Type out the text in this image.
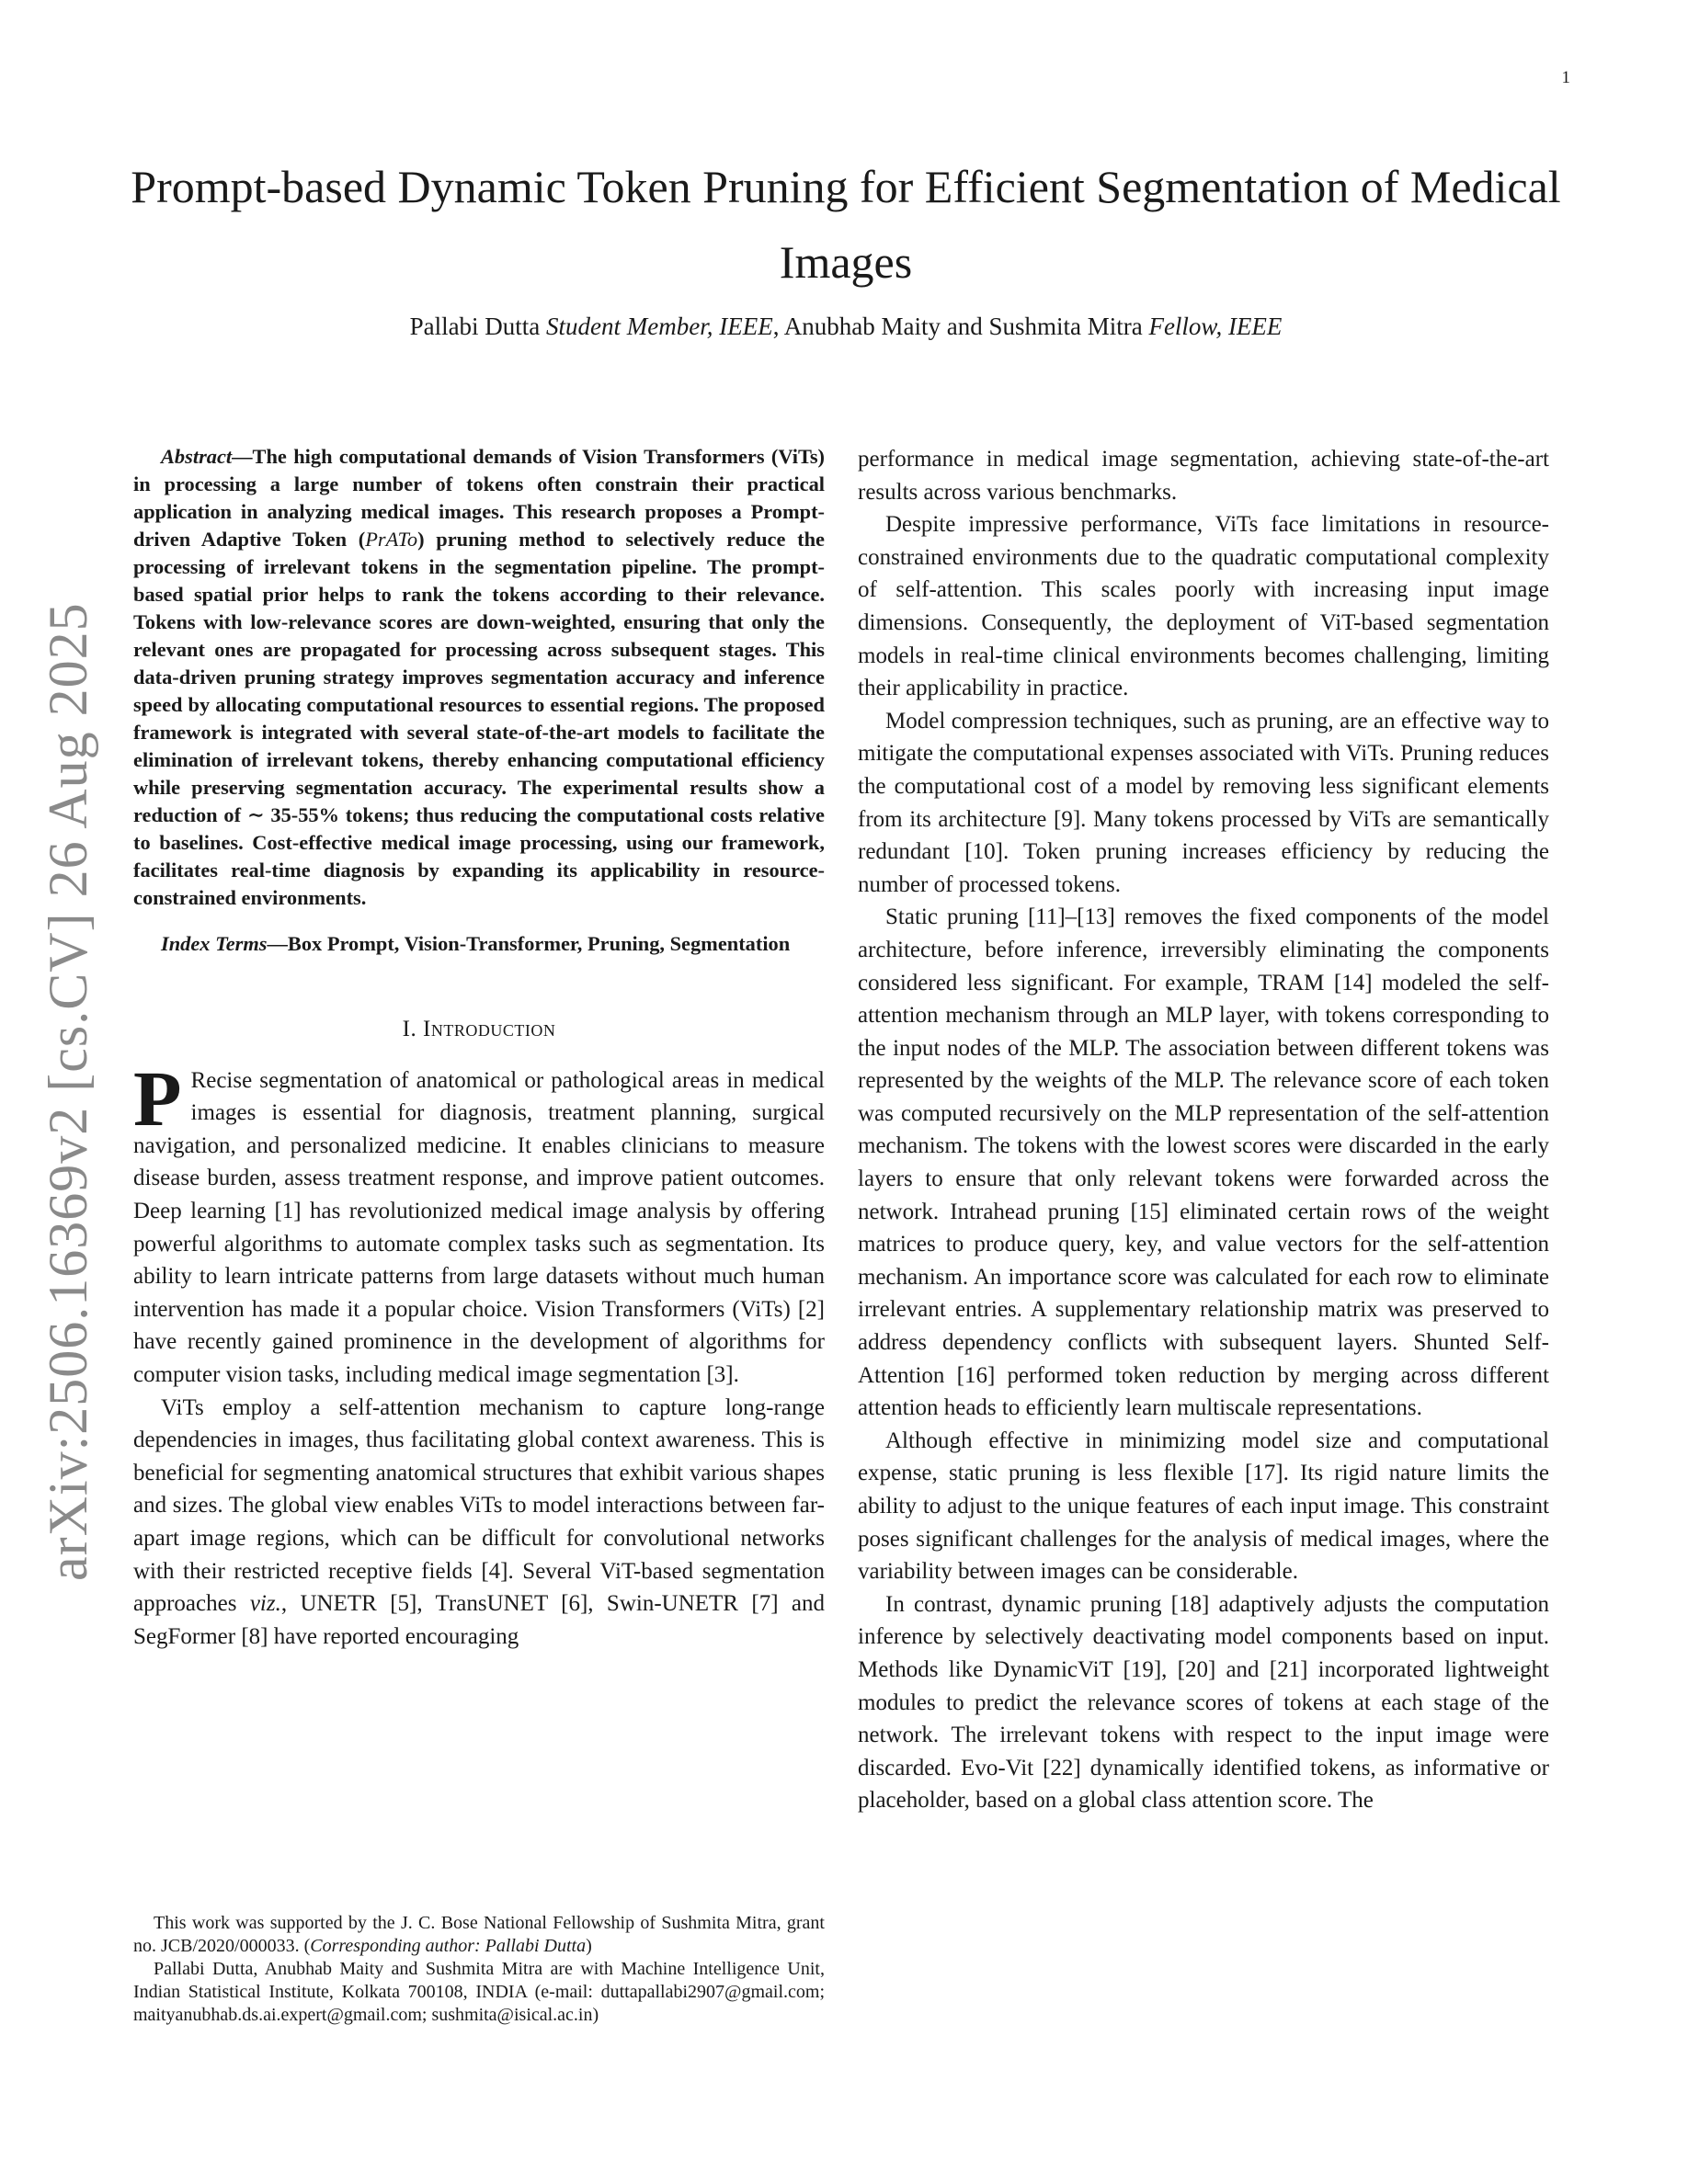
1
Prompt-based Dynamic Token Pruning for Efficient Segmentation of Medical Images
Pallabi Dutta Student Member, IEEE, Anubhab Maity and Sushmita Mitra Fellow, IEEE
arXiv:2506.16369v2 [cs.CV] 26 Aug 2025

Abstract—The high computational demands of Vision Transformers (ViTs) in processing a large number of tokens often constrain their practical application in analyzing medical images. This research proposes a Prompt-driven Adaptive Token (PrATo) pruning method to selectively reduce the processing of irrelevant tokens in the segmentation pipeline. The prompt-based spatial prior helps to rank the tokens according to their relevance. Tokens with low-relevance scores are down-weighted, ensuring that only the relevant ones are propagated for processing across subsequent stages. This data-driven pruning strategy improves segmentation accuracy and inference speed by allocating computational resources to essential regions. The proposed framework is integrated with several state-of-the-art models to facilitate the elimination of irrelevant tokens, thereby enhancing computational efficiency while preserving segmentation accuracy. The experimental results show a reduction of ∼ 35-55% tokens; thus reducing the computational costs relative to baselines. Cost-effective medical image processing, using our framework, facilitates real-time diagnosis by expanding its applicability in resource-constrained environments.

Index Terms—Box Prompt, Vision-Transformer, Pruning, Segmentation

I. Introduction

P Recise segmentation of anatomical or pathological areas in medical images is essential for diagnosis, treatment planning, surgical navigation, and personalized medicine. It enables clinicians to measure disease burden, assess treatment response, and improve patient outcomes. Deep learning [1] has revolutionized medical image analysis by offering powerful algorithms to automate complex tasks such as segmentation. Its ability to learn intricate patterns from large datasets without much human intervention has made it a popular choice. Vision Transformers (ViTs) [2] have recently gained prominence in the development of algorithms for computer vision tasks, including medical image segmentation [3].

ViTs employ a self-attention mechanism to capture long-range dependencies in images, thus facilitating global context awareness. This is beneficial for segmenting anatomical structures that exhibit various shapes and sizes. The global view enables ViTs to model interactions between far-apart image regions, which can be difficult for convolutional networks with their restricted receptive fields [4]. Several ViT-based segmentation approaches viz., UNETR [5], TransUNET [6], Swin-UNETR [7] and SegFormer [8] have reported encouraging

This work was supported by the J. C. Bose National Fellowship of Sushmita Mitra, grant no. JCB/2020/000033. (Corresponding author: Pallabi Dutta)

Pallabi Dutta, Anubhab Maity and Sushmita Mitra are with Machine Intelligence Unit, Indian Statistical Institute, Kolkata 700108, INDIA (e-mail: duttapallabi2907@gmail.com; maityanubhab.ds.ai.expert@gmail.com; sushmita@isical.ac.in)

performance in medical image segmentation, achieving state-of-the-art results across various benchmarks.

Despite impressive performance, ViTs face limitations in resource-constrained environments due to the quadratic computational complexity of self-attention. This scales poorly with increasing input image dimensions. Consequently, the deployment of ViT-based segmentation models in real-time clinical environments becomes challenging, limiting their applicability in practice.

Model compression techniques, such as pruning, are an effective way to mitigate the computational expenses associated with ViTs. Pruning reduces the computational cost of a model by removing less significant elements from its architecture [9]. Many tokens processed by ViTs are semantically redundant [10]. Token pruning increases efficiency by reducing the number of processed tokens.

Static pruning [11]–[13] removes the fixed components of the model architecture, before inference, irreversibly eliminating the components considered less significant. For example, TRAM [14] modeled the self-attention mechanism through an MLP layer, with tokens corresponding to the input nodes of the MLP. The association between different tokens was represented by the weights of the MLP. The relevance score of each token was computed recursively on the MLP representation of the self-attention mechanism. The tokens with the lowest scores were discarded in the early layers to ensure that only relevant tokens were forwarded across the network. Intrahead pruning [15] eliminated certain rows of the weight matrices to produce query, key, and value vectors for the self-attention mechanism. An importance score was calculated for each row to eliminate irrelevant entries. A supplementary relationship matrix was preserved to address dependency conflicts with subsequent layers. Shunted Self-Attention [16] performed token reduction by merging across different attention heads to efficiently learn multiscale representations.

Although effective in minimizing model size and computational expense, static pruning is less flexible [17]. Its rigid nature limits the ability to adjust to the unique features of each input image. This constraint poses significant challenges for the analysis of medical images, where the variability between images can be considerable.

In contrast, dynamic pruning [18] adaptively adjusts the computation inference by selectively deactivating model components based on input. Methods like DynamicViT [19], [20] and [21] incorporated lightweight modules to predict the relevance scores of tokens at each stage of the network. The irrelevant tokens with respect to the input image were discarded. Evo-Vit [22] dynamically identified tokens, as informative or placeholder, based on a global class attention score. The
